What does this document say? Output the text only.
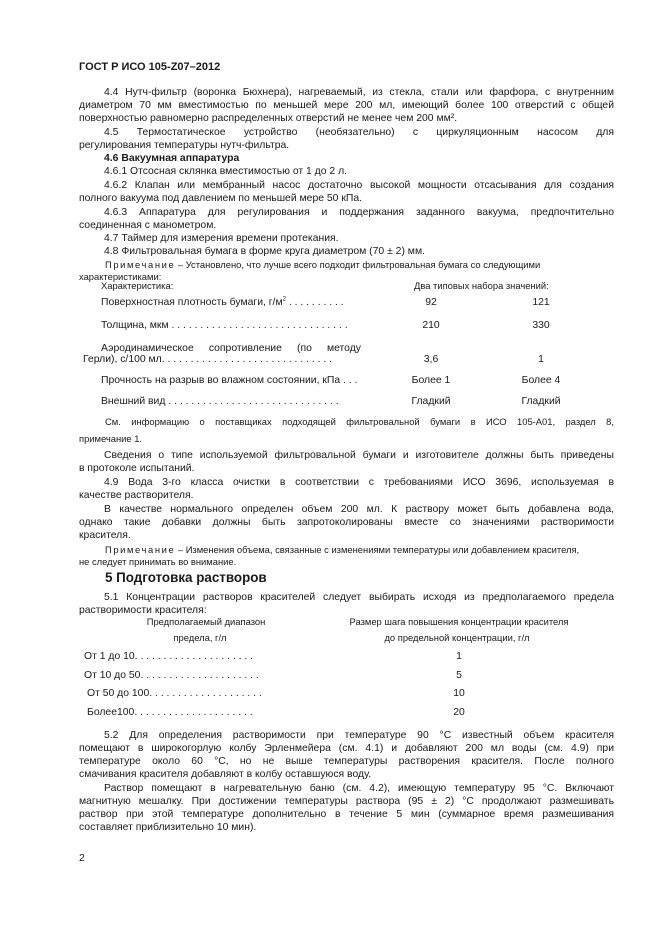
ГОСТ Р ИСО 105-Z07–2012
4.4 Нутч-фильтр (воронка Бюхнера), нагреваемый, из стекла, стали или фарфора, с внутренним
диаметром 70 мм вместимостью по меньшей мере 200 мл, имеющий более 100 отверстий с общей
поверхностью равномерно распределенных отверстий не менее чем 200 мм².
4.5 Термостатическое устройство (необязательно) с циркуляционным насосом для
регулирования температуры нутч-фильтра.
4.6 Вакуумная аппаратура
4.6.1 Отсосная склянка вместимостью от 1 до 2 л.
4.6.2 Клапан или мембранный насос достаточно высокой мощности отсасывания для создания
полного вакуума под давлением по меньшей мере 50 кПа.
4.6.3 Аппаратура для регулирования и поддержания заданного вакуума, предпочтительно
соединенная с манометром.
4.7 Таймер для измерения времени протекания.
4.8 Фильтровальная бумага в форме круга диаметром (70 ± 2) мм.
Примечание – Установлено, что лучше всего подходит фильтровальная бумага со следующими
характеристиками:
Характеристика:	Два типовых набора значений:
Поверхностная плотность бумаги, $г/м^2$ . . . . . . . . . .	92	121
Толщина, мкм . . . . . . . . . . . . . . . . . . . . . . . . . . . . . . .	210	330
Аэродинамическое сопротивление (по методу
Герли), с/100 мл. . . . . . . . . . . . . . . . . . . . . . . . . . . . . .	3,6	1
Прочность на разрыв во влажном состоянии, кПа . . .	Более 1	Более 4
Внешний вид . . . . . . . . . . . . . . . . . . . . . . . . . . . . . .	Гладкий	Гладкий
См. информацию о поставщиках подходящей фильтровальной бумаги в ИСО 105-А01, раздел 8,
примечание 1.
Сведения о типе используемой фильтровальной бумаги и изготовителе должны быть приведены
в протоколе испытаний.
4.9 Вода 3-го класса очистки в соответствии с требованиями ИСО 3696, используемая в
качестве растворителя.
В качестве нормального определен объем 200 мл. К раствору может быть добавлена вода,
однако такие добавки должны быть запротоколированы вместе со значениями растворимости
красителя.
Примечание – Изменения объема, связанные с изменениями температуры или добавлением красителя,
не следует принимать во внимание.
5 Подготовка растворов
5.1 Концентрации растворов красителей следует выбирать исходя из предполагаемого предела
растворимости красителя:
Предполагаемый диапазон	Размер шага повышения концентрации красителя
предела, г/л	до предельной концентрации, г/л
От 1 до 10. . . . . . . . . . . . . . . . . . . . .	1
От 10 до 50. . . . . . . . . . . . . . . . . . . . .	5
От 50 до 100. . . . . . . . . . . . . . . . . . . .	10
Более100. . . . . . . . . . . . . . . . . . . . .	20
5.2 Для определения растворимости при температуре 90 °С известный объем красителя
помещают в широкогорлую колбу Эрленмейера (см. 4.1) и добавляют 200 мл воды (см. 4.9) при
температуре около 60 °С, но не выше температуры растворения красителя. После полного
смачивания красителя добавляют в колбу оставшуюся воду.
Раствор помещают в нагревательную баню (см. 4.2), имеющую температуру 95 °С. Включают
магнитную мешалку. При достижении температуры раствора (95 ± 2) °С продолжают размешивать
раствор при этой температуре дополнительно в течение 5 мин (суммарное время размешивания
составляет приблизительно 10 мин).
2
